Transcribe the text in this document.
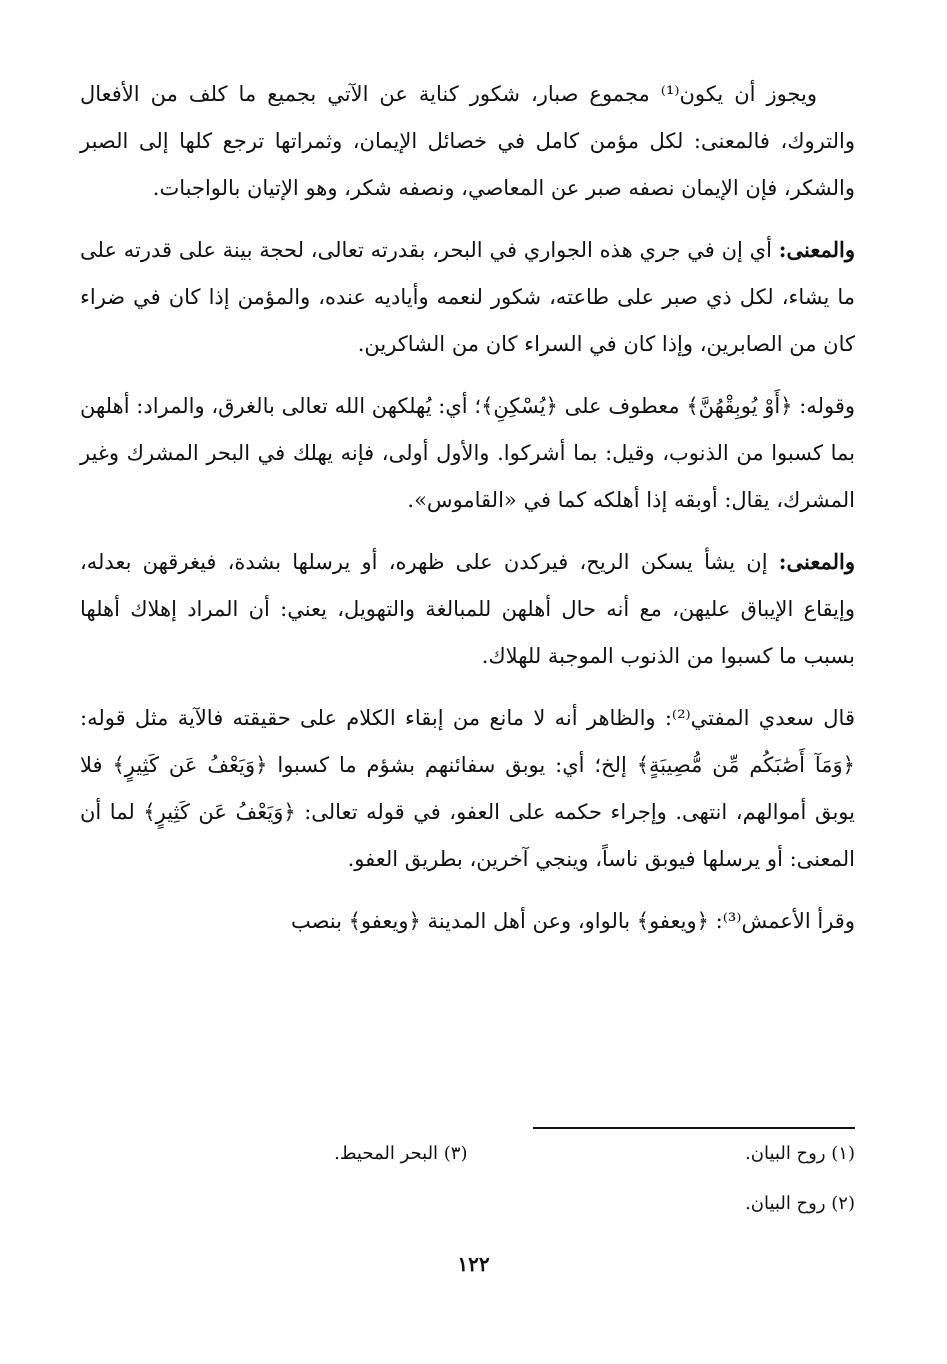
ويجوز أن يكون⁽¹⁾ مجموع صبار، شكور كناية عن الآتي بجميع ما كلف من الأفعال والتروك، فالمعنى: لكل مؤمن كامل في خصائل الإيمان، وثمراتها ترجع كلها إلى الصبر والشكر، فإن الإيمان نصفه صبر عن المعاصي، ونصفه شكر، وهو الإتيان بالواجبات.

والمعنى: أي إن في جري هذه الجواري في البحر، بقدرته تعالى، لحجة بينة على قدرته على ما يشاء، لكل ذي صبر على طاعته، شكور لنعمه وأياديه عنده، والمؤمن إذا كان في ضراء كان من الصابرين، وإذا كان في السراء كان من الشاكرين.

وقوله: ﴿أَوْ يُوبِقْهُنَّ﴾ معطوف على ﴿يُسْكِنِ﴾؛ أي: يُهلكهن الله تعالى بالغرق، والمراد: أهلهن بما كسبوا من الذنوب، وقيل: بما أشركوا. والأول أولى، فإنه يهلك في البحر المشرك وغير المشرك، يقال: أوبقه إذا أهلكه كما في «القاموس».

والمعنى: إن يشأ يسكن الريح، فيركدن على ظهره، أو يرسلها بشدة، فيغرقهن بعدله، وإيقاع الإيباق عليهن، مع أنه حال أهلهن للمبالغة والتهويل، يعني: أن المراد إهلاك أهلها بسبب ما كسبوا من الذنوب الموجبة للهلاك.

قال سعدي المفتي⁽²⁾: والظاهر أنه لا مانع من إبقاء الكلام على حقيقته فالآية مثل قوله: ﴿وَمَآ أَصَٰبَكُم مِّن مُّصِيبَةٍ﴾ إلخ؛ أي: يوبق سفائنهم بشؤم ما كسبوا ﴿وَيَعْفُ عَن كَثِيرٍ﴾ فلا يوبق أموالهم، انتهى. وإجراء حكمه على العفو، في قوله تعالى: ﴿وَيَعْفُ عَن كَثِيرٍ﴾ لما أن المعنى: أو يرسلها فيوبق ناساً، وينجي آخرين، بطريق العفو.

وقرأ الأعمش⁽³⁾: ﴿ويعفو﴾ بالواو، وعن أهل المدينة ﴿ويعفو﴾ بنصب

(١) روح البيان.
(٣) البحر المحيط.
(٢) روح البيان.
١٢٢
